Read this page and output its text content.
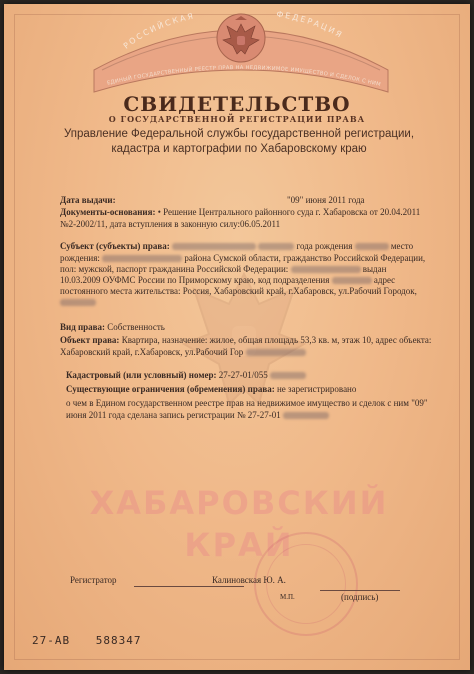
РОССИЙСКАЯ	ФЕДЕРАЦИЯ
ЕДИНЫЙ ГОСУДАРСТВЕННЫЙ РЕЕСТР ПРАВ НА НЕДВИЖИМОЕ ИМУЩЕСТВО И СДЕЛОК С НИМ
СВИДЕТЕЛЬСТВО
О ГОСУДАРСТВЕННОЙ РЕГИСТРАЦИИ ПРАВА
Управление Федеральной службы государственной регистрации,
кадастра и картографии по Хабаровскому краю
ХАБАРОВСКИЙ
КРАЙ
Дата выдачи:	"09" июня 2011 года
Документы-основания: • Решение Центрального районного суда г. Хабаровска от 20.04.2011
№2-2002/11, дата вступления в законную силу:06.05.2011
Субъект (субъекты) права:	года рождения	место
рождения:	района Сумской области, гражданство Российской Федерации,
пол: мужской, паспорт гражданина Российской Федерации:	выдан
10.03.2009 ОУФМС России по Приморскому краю, код подразделения	адрес
постоянного места жительства: Россия, Хабаровский край, г.Хабаровск, ул.Рабочий Городок,
Вид права: Собственность
Объект права: Квартира, назначение: жилое, общая площадь 53,3 кв. м, этаж 10, адрес объекта:
Хабаровский край, г.Хабаровск, ул.Рабочий Гор
Кадастровый (или условный) номер: 27-27-01/055
Существующие ограничения (обременения) права: не зарегистрировано
о чем в Едином государственном реестре прав на недвижимое имущество и сделок с ним "09"
июня 2011 года сделана запись регистрации № 27-27-01
Регистратор	Калиновская Ю. А.
М.П.	(подпись)
27-АВ 588347
